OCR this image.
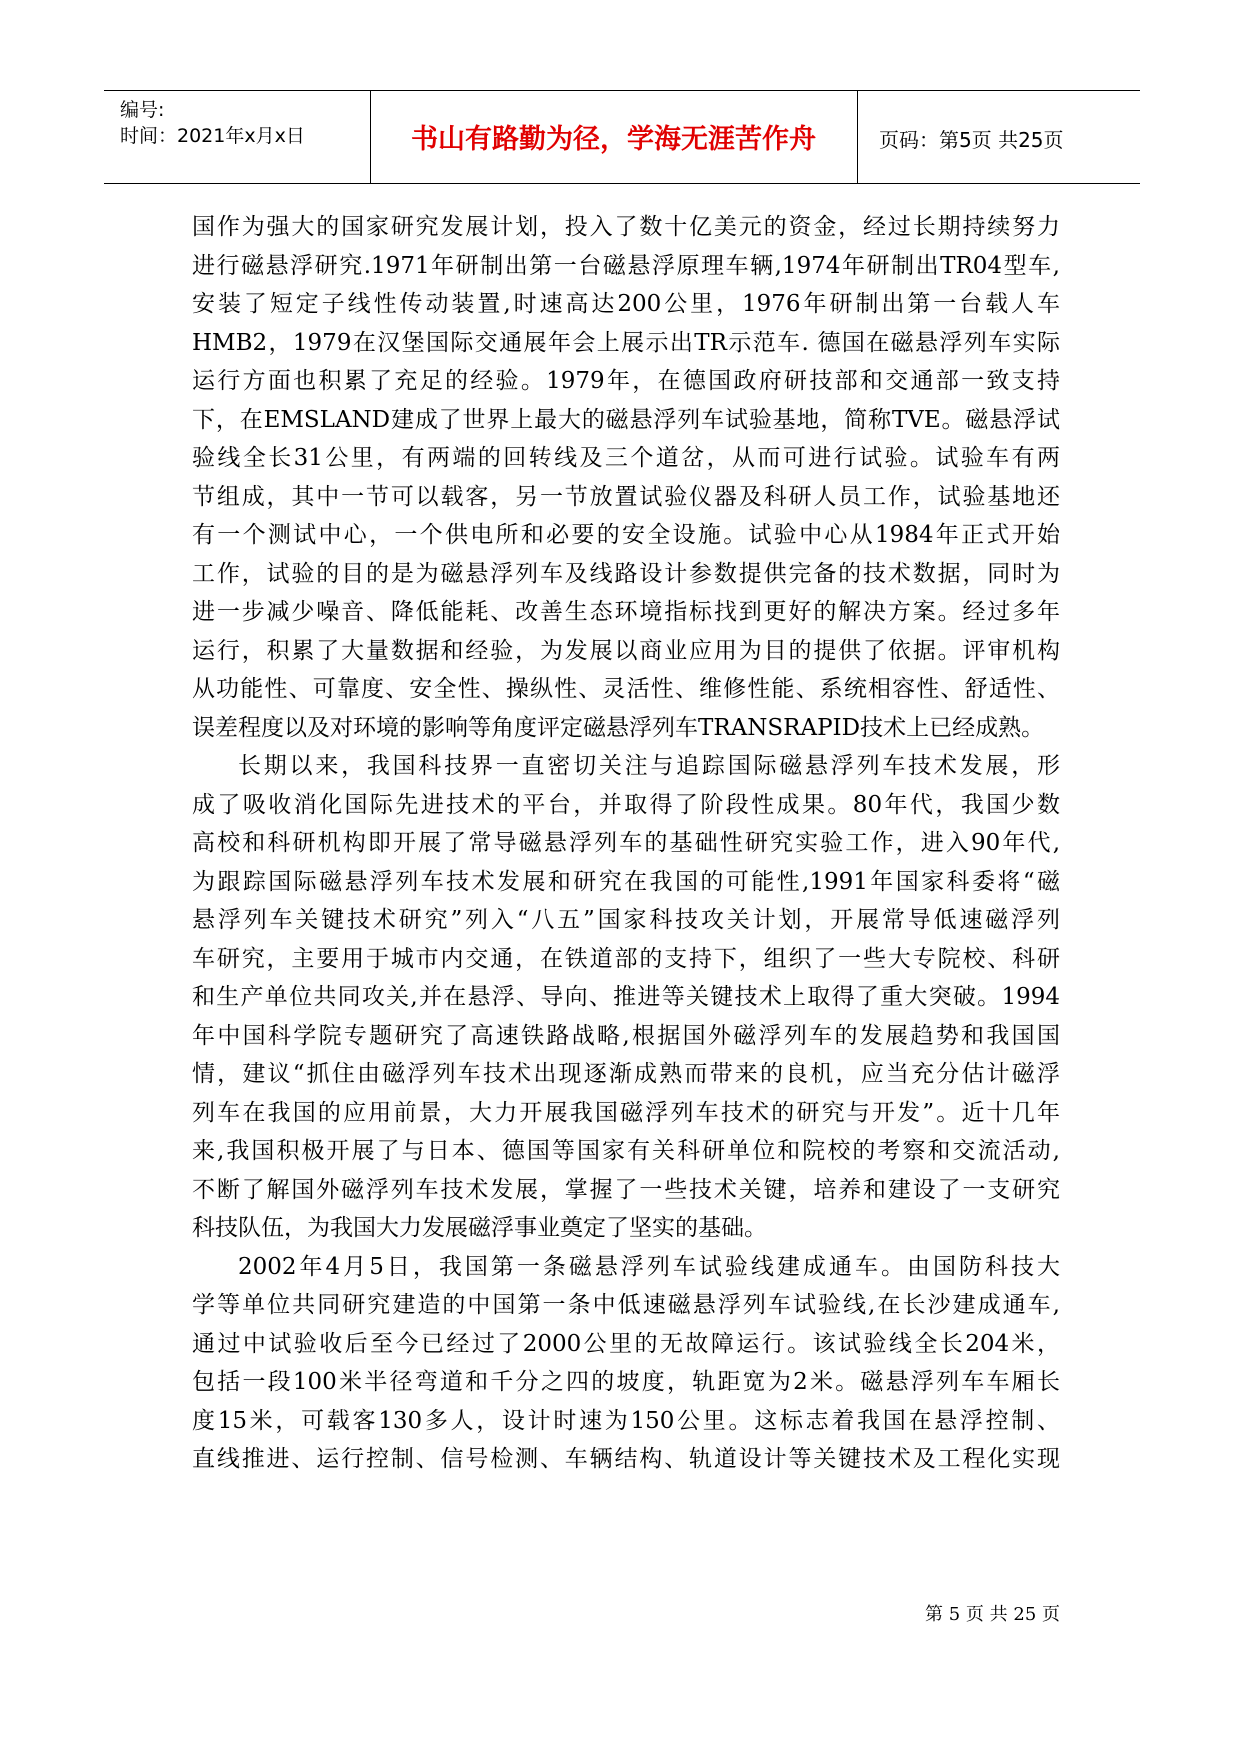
编号:
时间：2021年x月x日	书山有路勤为径，学海无涯苦作舟	页码：第5页 共25页
国作为强大的国家研究发展计划，投入了数十亿美元的资金，经过长期持续努力
进行磁悬浮研究.1971年研制出第一台磁悬浮原理车辆,1974年研制出TR04型车,
安装了短定子线性传动装置,时速高达200公里，1976年研制出第一台载人车
HMB2，1979在汉堡国际交通展年会上展示出TR示范车. 德国在磁悬浮列车实际
运行方面也积累了充足的经验。1979年，在德国政府研技部和交通部一致支持
下，在EMSLAND建成了世界上最大的磁悬浮列车试验基地，简称TVE。磁悬浮试
验线全长31公里，有两端的回转线及三个道岔，从而可进行试验。试验车有两
节组成，其中一节可以载客，另一节放置试验仪器及科研人员工作，试验基地还
有一个测试中心，一个供电所和必要的安全设施。试验中心从1984年正式开始
工作，试验的目的是为磁悬浮列车及线路设计参数提供完备的技术数据，同时为
进一步减少噪音、降低能耗、改善生态环境指标找到更好的解决方案。经过多年
运行，积累了大量数据和经验，为发展以商业应用为目的提供了依据。评审机构
从功能性、可靠度、安全性、操纵性、灵活性、维修性能、系统相容性、舒适性、
误差程度以及对环境的影响等角度评定磁悬浮列车TRANSRAPID技术上已经成熟。
长期以来，我国科技界一直密切关注与追踪国际磁悬浮列车技术发展，形
成了吸收消化国际先进技术的平台，并取得了阶段性成果。80年代，我国少数
高校和科研机构即开展了常导磁悬浮列车的基础性研究实验工作，进入90年代,
为跟踪国际磁悬浮列车技术发展和研究在我国的可能性,1991年国家科委将“磁
悬浮列车关键技术研究”列入“八五”国家科技攻关计划，开展常导低速磁浮列
车研究，主要用于城市内交通，在铁道部的支持下，组织了一些大专院校、科研
和生产单位共同攻关,并在悬浮、导向、推进等关键技术上取得了重大突破。1994
年中国科学院专题研究了高速铁路战略,根据国外磁浮列车的发展趋势和我国国
情，建议“抓住由磁浮列车技术出现逐渐成熟而带来的良机，应当充分估计磁浮
列车在我国的应用前景，大力开展我国磁浮列车技术的研究与开发”。近十几年
来,我国积极开展了与日本、德国等国家有关科研单位和院校的考察和交流活动,
不断了解国外磁浮列车技术发展，掌握了一些技术关键，培养和建设了一支研究
科技队伍，为我国大力发展磁浮事业奠定了坚实的基础。
2002年4月5日，我国第一条磁悬浮列车试验线建成通车。由国防科技大
学等单位共同研究建造的中国第一条中低速磁悬浮列车试验线,在长沙建成通车,
通过中试验收后至今已经过了2000公里的无故障运行。该试验线全长204米，
包括一段100米半径弯道和千分之四的坡度，轨距宽为2米。磁悬浮列车车厢长
度15米，可载客130多人，设计时速为150公里。这标志着我国在悬浮控制、
直线推进、运行控制、信号检测、车辆结构、轨道设计等关键技术及工程化实现
第 5 页 共 25 页
